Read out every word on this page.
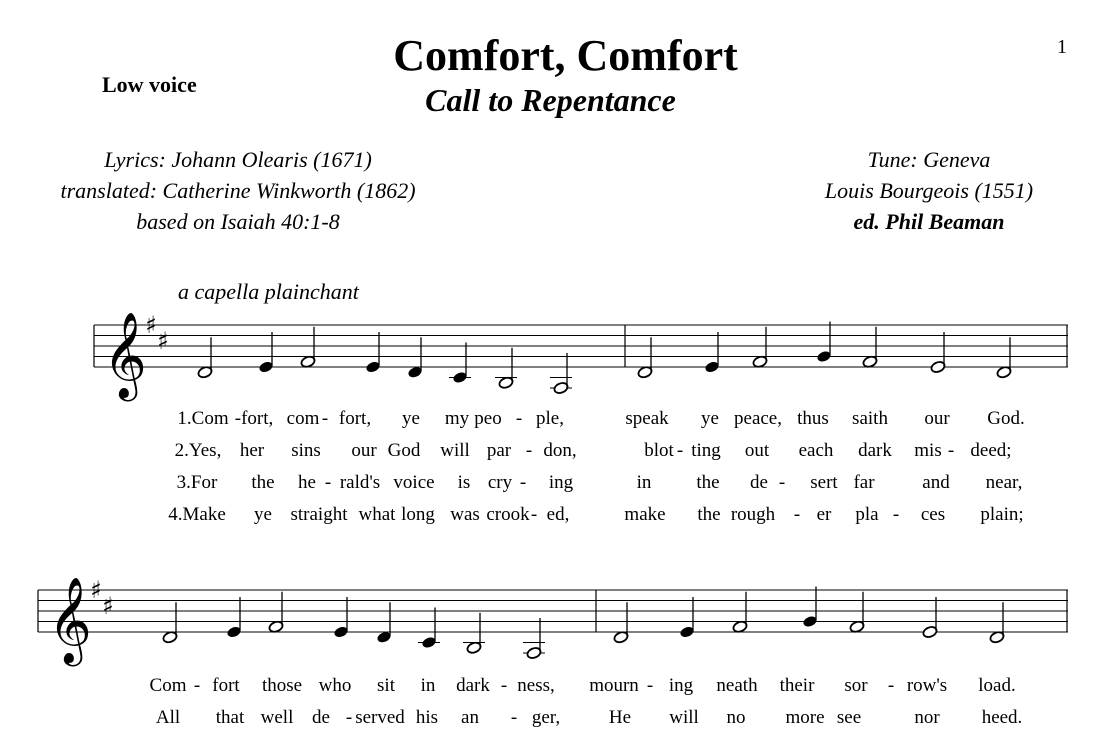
Comfort, Comfort
Call to Repentance
1
Low voice
Lyrics: Johann Olearis (1671)
translated: Catherine Winkworth (1862)
based on Isaiah 40:1-8
Tune: Geneva
Louis Bourgeois (1551)
ed. Phil Beaman
a capella plainchant
𝄞
♯
♯
𝄞
♯
♯
1.Com -fort, com - fort, ye my peo - ple,	speak ye peace, thus saith our God.
2.Yes, her sins our God will par - don,	blot - ting out each dark mis - deed;
3.For the he - rald's voice is cry - ing	in the de - sert far	and near,
4.Make ye straight what long was crook - ed,	make the rough - er pla - ces plain;
Com - fort those who sit in dark - ness, mourn - ing neath their sor - row's load.
All that well de - served his an - ger,	He will no more see	nor heed.
